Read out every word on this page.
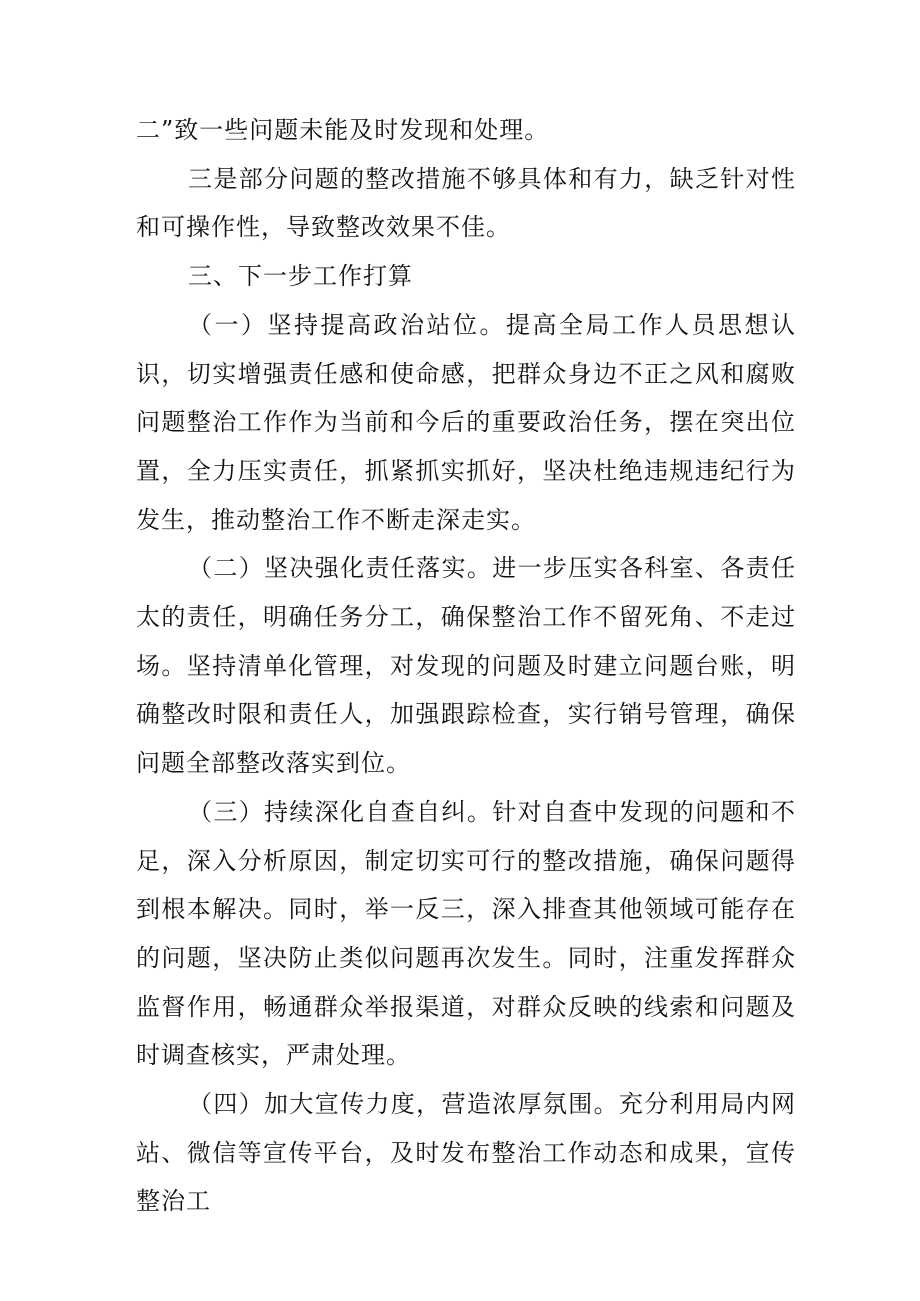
二”致一些问题未能及时发现和处理。

三是部分问题的整改措施不够具体和有力，缺乏针对性和可操作性，导致整改效果不佳。

三、下一步工作打算

（一）坚持提高政治站位。提高全局工作人员思想认识，切实增强责任感和使命感，把群众身边不正之风和腐败问题整治工作作为当前和今后的重要政治任务，摆在突出位置，全力压实责任，抓紧抓实抓好，坚决杜绝违规违纪行为发生，推动整治工作不断走深走实。

（二）坚决强化责任落实。进一步压实各科室、各责任太的责任，明确任务分工，确保整治工作不留死角、不走过场。坚持清单化管理，对发现的问题及时建立问题台账，明确整改时限和责任人，加强跟踪检查，实行销号管理，确保问题全部整改落实到位。

（三）持续深化自查自纠。针对自查中发现的问题和不足，深入分析原因，制定切实可行的整改措施，确保问题得到根本解决。同时，举一反三，深入排查其他领域可能存在的问题，坚决防止类似问题再次发生。同时，注重发挥群众监督作用，畅通群众举报渠道，对群众反映的线索和问题及时调查核实，严肃处理。

（四）加大宣传力度，营造浓厚氛围。充分利用局内网站、微信等宣传平台，及时发布整治工作动态和成果，宣传整治工
